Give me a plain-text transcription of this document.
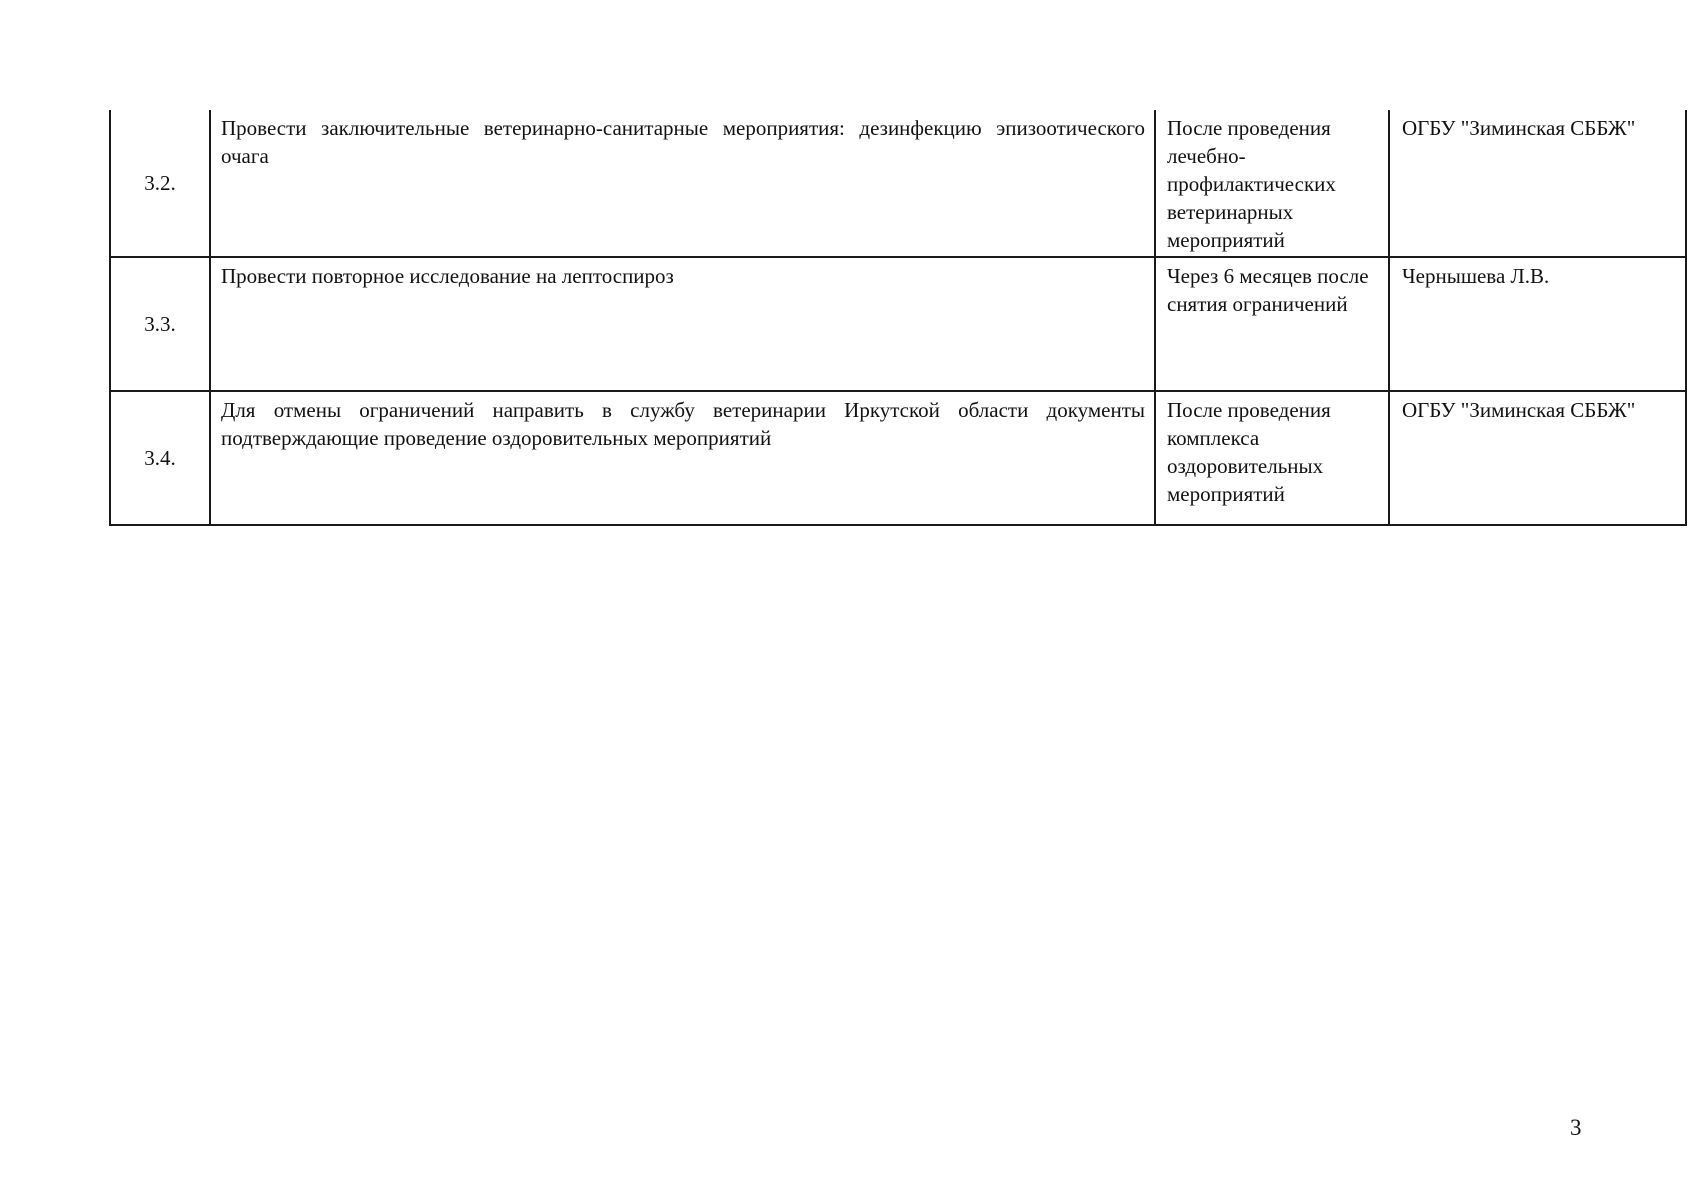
3.2.	Провести заключительные ветеринарно-санитарные мероприятия: дезинфекцию эпизоотического очага	После проведения лечебно-профилактических ветеринарных мероприятий	ОГБУ "Зиминская СББЖ"
3.3.	Провести повторное исследование на лептоспироз	Через 6 месяцев после снятия ограничений	Чернышева Л.В.
3.4.	Для отмены ограничений направить в службу ветеринарии Иркутской области документы подтверждающие проведение оздоровительных мероприятий	После проведения комплекса оздоровительных мероприятий	ОГБУ "Зиминская СББЖ"
3
